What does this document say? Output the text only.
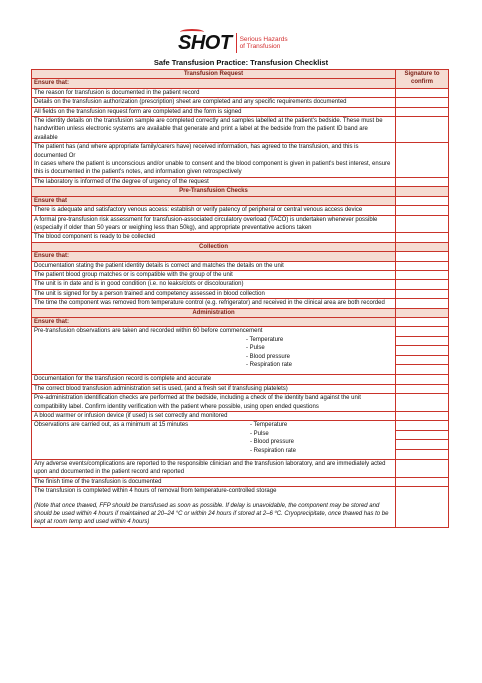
SHOT Serious Hazards
of Transfusion
Safe Transfusion Practice: Transfusion Checklist
Transfusion Request	Signature to confirm
Ensure that:	
The reason for transfusion is documented in the patient record	
Details on the transfusion authorization (prescription) sheet are completed and any specific requirements documented	
All fields on the transfusion request form are completed and the form is signed	
The identity details on the transfusion sample are completed correctly and samples labelled at the patient's bedside. These must be handwritten unless electronic systems are available that generate and print a label at the bedside from the patient ID band are available	

The patient has (and where appropriate family/carers have) received information, has agreed to the transfusion, and this is documented Or
In cases where the patient is unconscious and/or unable to consent and the blood component is given in patient's best interest, ensure this is documented in the patient's notes, and information given retrospectively	

The laboratory is informed of the degree of urgency of the request	
Pre-Transfusion Checks	
Ensure that	
There is adequate and satisfactory venous access: establish or verify patency of peripheral or central venous access device	
A formal pre-transfusion risk assessment for transfusion-associated circulatory overload (TACO) is undertaken whenever possible (especially if older than 50 years or weighing less than 50kg), and appropriate preventative actions taken	
The blood component is ready to be collected	
Collection	
Ensure that:	
Documentation stating the patient identity details is correct and matches the details on the unit	
The patient blood group matches or is compatible with the group of the unit	
The unit is in date and is in good condition (i.e. no leaks/clots or discolouration)	
The unit is signed for by a person trained and competency assessed in blood collection	
The time the component was removed from temperature control (e.g. refrigerator) and received in the clinical area are both recorded	
Administration	
Ensure that:	

Pre-transfusion observations are taken and recorded within 60 before commencement
- Temperature
- Pulse
- Blood pressure
- Respiration rate	

Documentation for the transfusion record is complete and accurate	
The correct blood transfusion administration set is used, (and a fresh set if transfusing platelets)	
Pre-administration identification checks are performed at the bedside, including a check of the identity band against the unit compatibility label. Confirm identity verification with the patient where possible, using open ended questions	
A blood warmer or infusion device (if used) is set correctly and monitored	

Observations are carried out, as a minimum at 15 minutes - Temperature
- Pulse
- Blood pressure
- Respiration rate	

Any adverse events/complications are reported to the responsible clinician and the transfusion laboratory, and are immediately acted upon and documented in the patient record and reported	
The finish time of the transfusion is documented	

The transfusion is completed within 4 hours of removal from temperature-controlled storage
(Note that once thawed, FFP should be transfused as soon as possible. If delay is unavoidable, the component may be stored and should be used within 4 hours if maintained at 20–24 °C or within 24 hours if stored at 2–6 ºC. Cryoprecipitate, once thawed has to be kept at room temp and used within 4 hours)	
